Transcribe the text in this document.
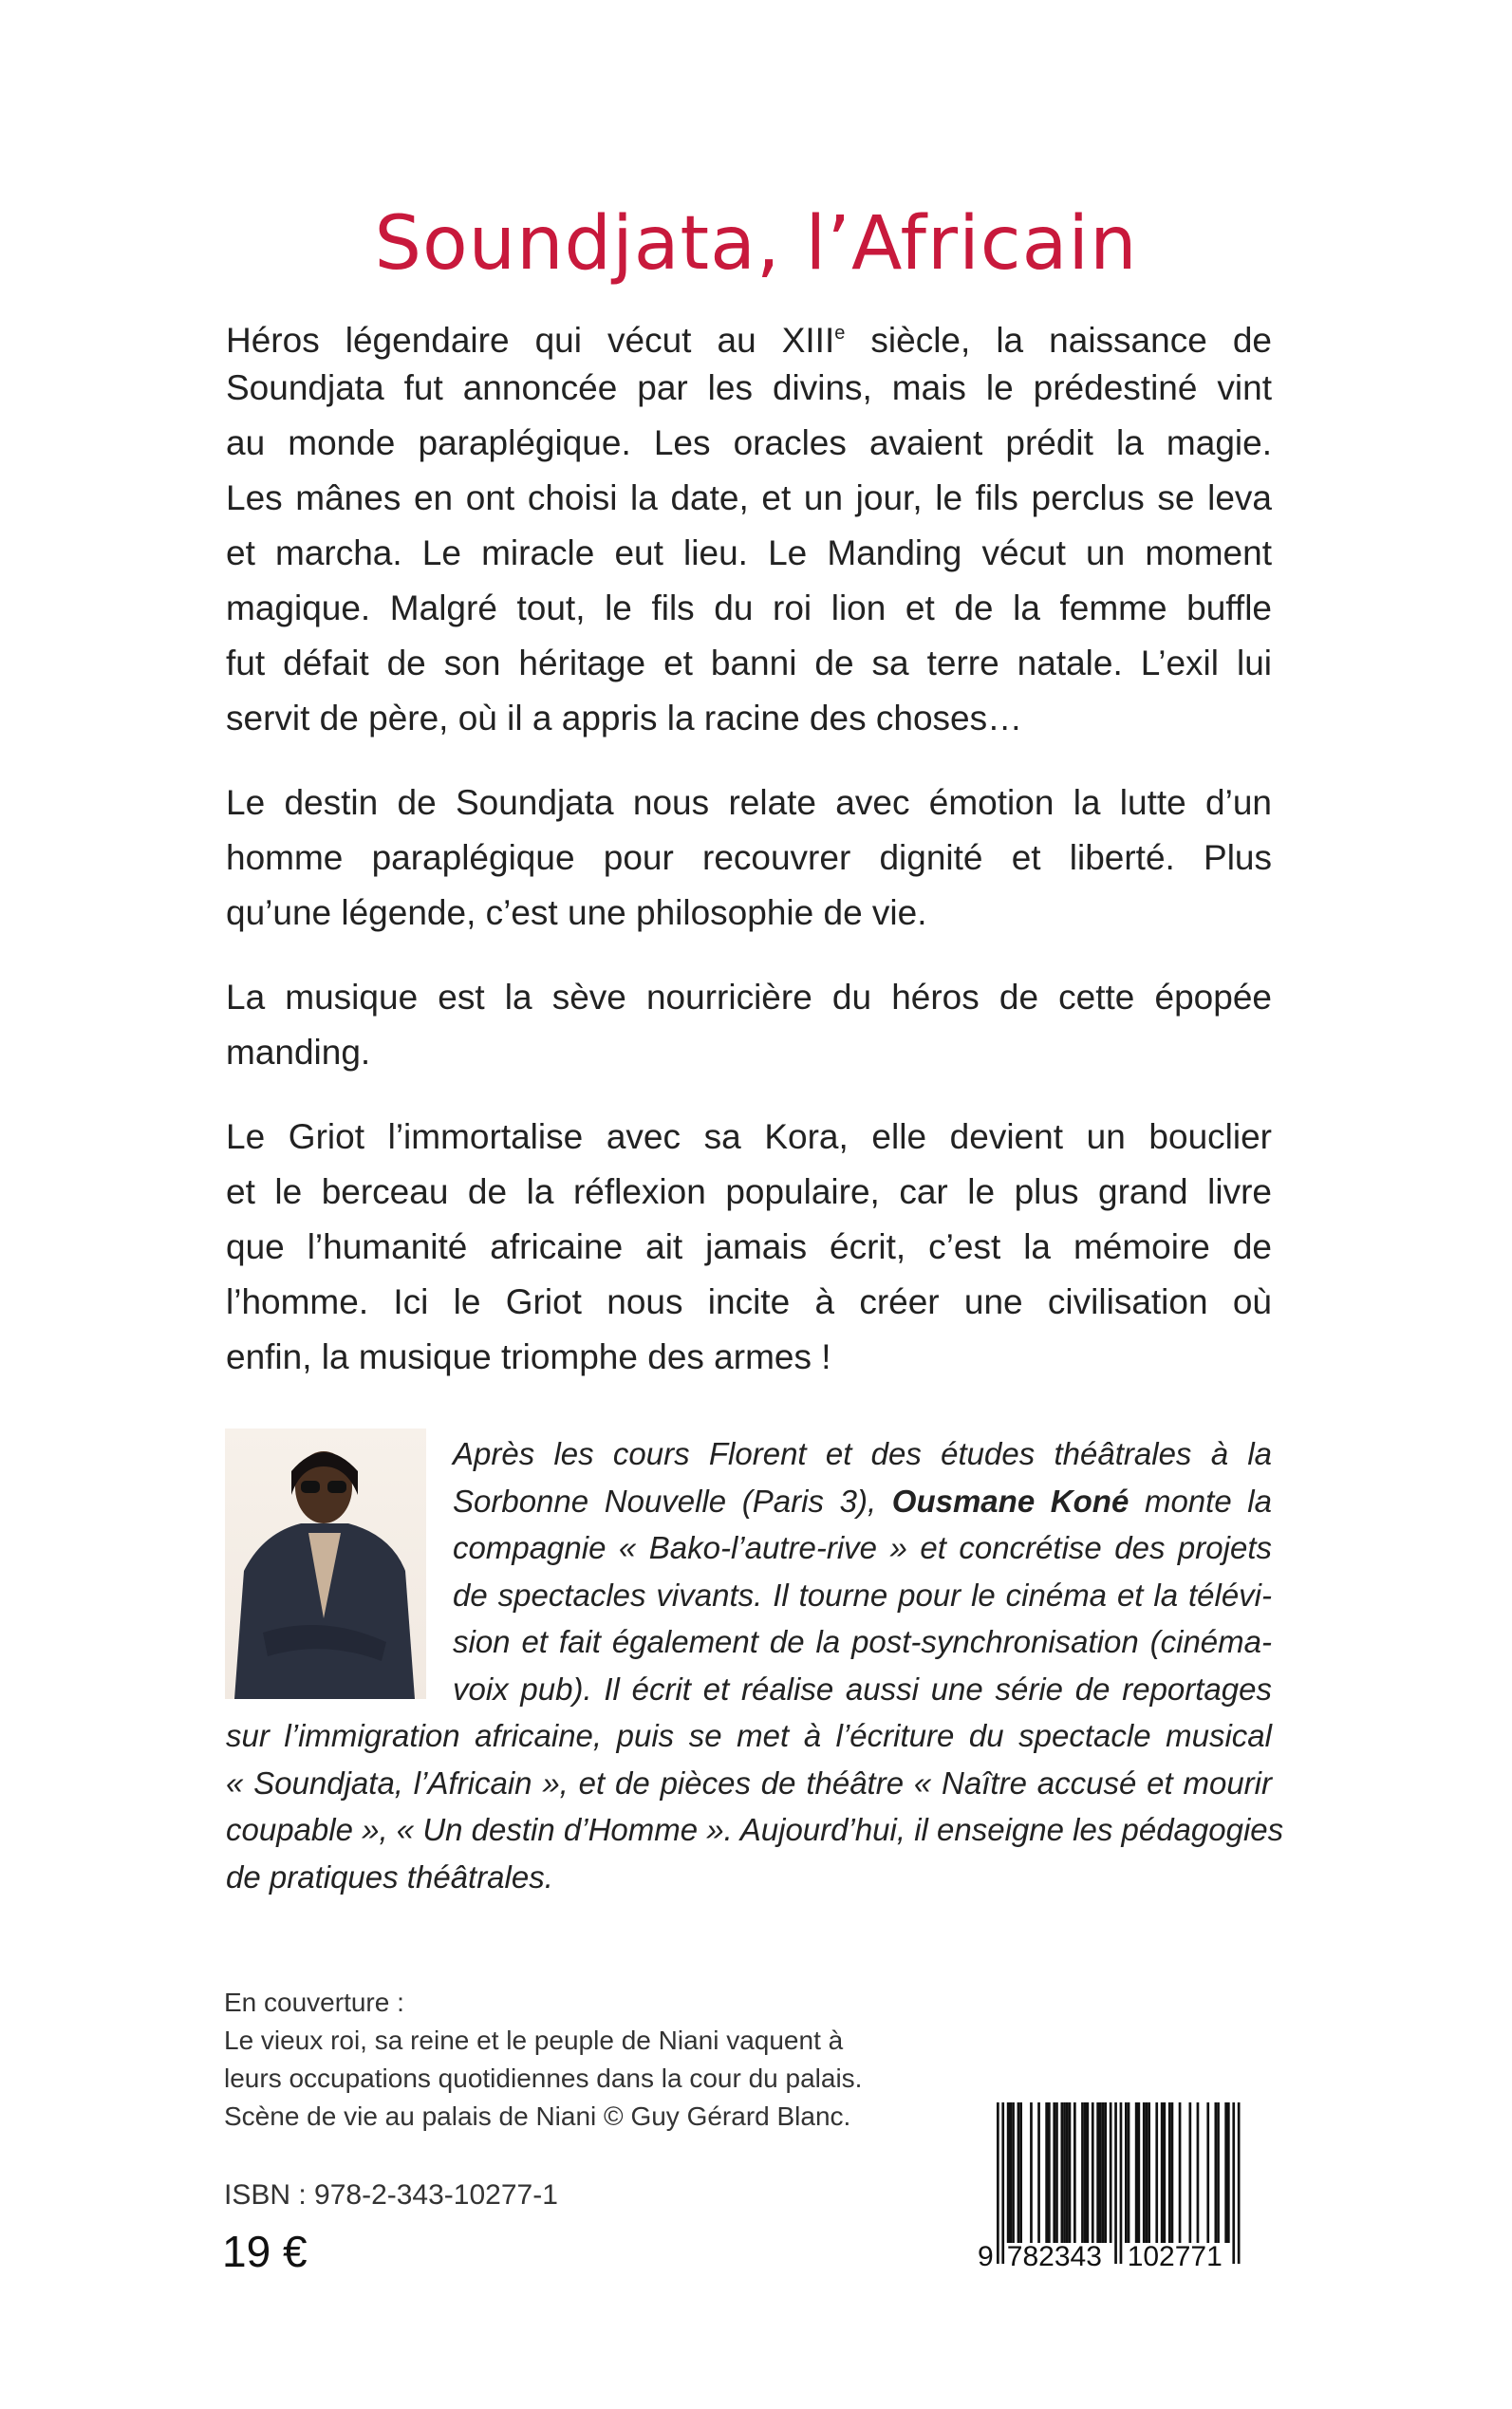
Soundjata, l’Africain
Héros légendaire qui vécut au XIIIe siècle, la naissance de
Soundjata fut annoncée par les divins, mais le prédestiné vint
au monde paraplégique. Les oracles avaient prédit la magie.
Les mânes en ont choisi la date, et un jour, le fils perclus se leva
et marcha. Le miracle eut lieu. Le Manding vécut un moment
magique. Malgré tout, le fils du roi lion et de la femme buffle
fut défait de son héritage et banni de sa terre natale. L’exil lui
servit de père, où il a appris la racine des choses…
Le destin de Soundjata nous relate avec émotion la lutte d’un
homme paraplégique pour recouvrer dignité et liberté. Plus
qu’une légende, c’est une philosophie de vie.
La musique est la sève nourricière du héros de cette épopée
manding.
Le Griot l’immortalise avec sa Kora, elle devient un bouclier
et le berceau de la réflexion populaire, car le plus grand livre
que l’humanité africaine ait jamais écrit, c’est la mémoire de
l’homme. Ici le Griot nous incite à créer une civilisation où
enfin, la musique triomphe des armes !
Après les cours Florent et des études théâtrales à la
Sorbonne Nouvelle (Paris 3), Ousmane Koné monte la
compagnie « Bako-l’autre-rive » et concrétise des projets
de spectacles vivants. Il tourne pour le cinéma et la télévi-
sion et fait également de la post-synchronisation (cinéma-
voix pub). Il écrit et réalise aussi une série de reportages
sur l’immigration africaine, puis se met à l’écriture du spectacle musical
« Soundjata, l’Africain », et de pièces de théâtre « Naître accusé et mourir
coupable », « Un destin d’Homme ». Aujourd’hui, il enseigne les pédagogies
de pratiques théâtrales.
En couverture :
Le vieux roi, sa reine et le peuple de Niani vaquent à
leurs occupations quotidiennes dans la cour du palais.
Scène de vie au palais de Niani © Guy Gérard Blanc.
ISBN : 978-2-343-10277-1
19 €	9 782343 102771
